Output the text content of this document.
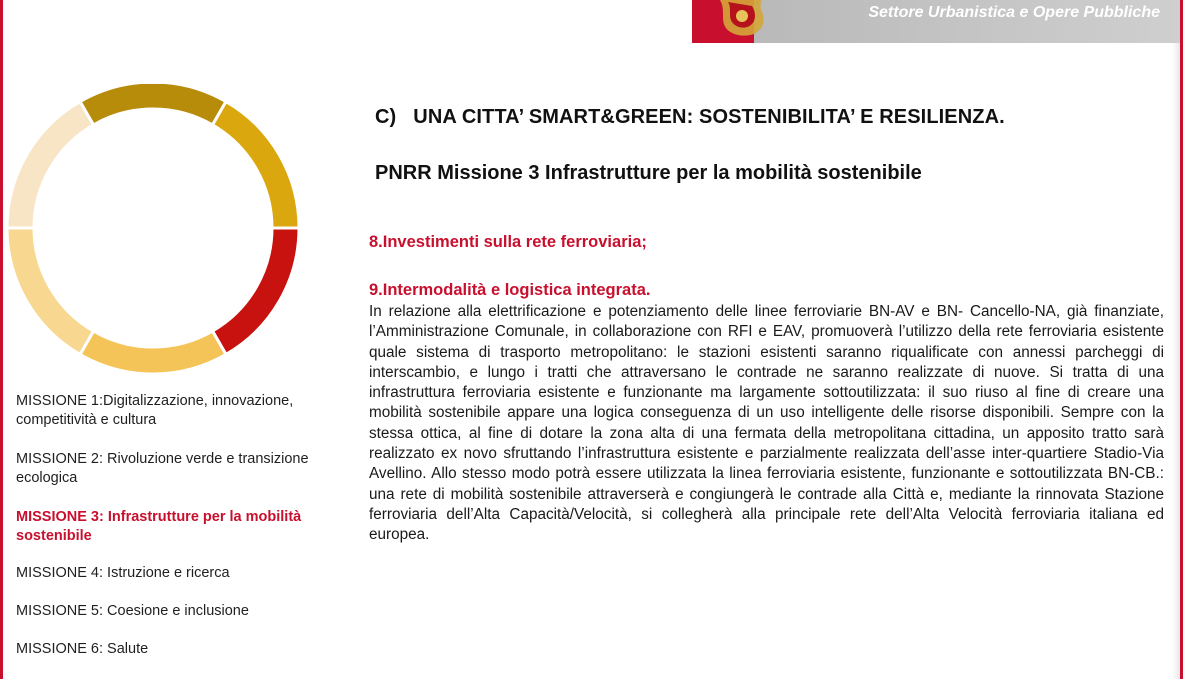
Settore Urbanistica e Opere Pubbliche
MISSIONE 1:Digitalizzazione, innovazione, competitività e cultura
MISSIONE 2: Rivoluzione verde e transizione ecologica
MISSIONE 3: Infrastrutture per la mobilità  sostenibile
MISSIONE 4: Istruzione e ricerca
MISSIONE 5: Coesione e inclusione
MISSIONE 6: Salute
C)   UNA CITTA’ SMART&GREEN: SOSTENIBILITA’ E RESILIENZA.
PNRR Missione 3 Infrastrutture per la mobilità sostenibile
8.Investimenti sulla rete ferroviaria;
9.Intermodalità e logistica integrata.
In relazione alla elettrificazione e potenziamento delle linee ferroviarie BN-AV e BN- Cancello-NA, già finanziate, l’Amministrazione Comunale, in collaborazione con RFI e EAV, promuoverà l’utilizzo della rete ferroviaria esistente quale sistema di trasporto metropolitano: le stazioni esistenti saranno riqualificate con annessi parcheggi di interscambio, e lungo i tratti che attraversano le contrade ne saranno realizzate di nuove. Si tratta di una infrastruttura ferroviaria esistente e funzionante ma largamente sottoutilizzata: il suo riuso al fine di creare una mobilità sostenibile appare una logica conseguenza di un uso intelligente delle risorse disponibili. Sempre con la stessa ottica, al fine di dotare la zona alta di una fermata della metropolitana cittadina, un apposito tratto sarà realizzato ex novo sfruttando l’infrastruttura esistente e parzialmente realizzata dell’asse inter-quartiere Stadio-Via Avellino. Allo stesso modo potrà essere utilizzata la linea ferroviaria esistente, funzionante e sottoutilizzata BN-CB.: una rete di mobilità sostenibile attraverserà e congiungerà le contrade alla Città e, mediante la rinnovata Stazione ferroviaria dell’Alta Capacità/Velocità, si collegherà alla principale rete dell’Alta Velocità ferroviaria italiana ed europea.
